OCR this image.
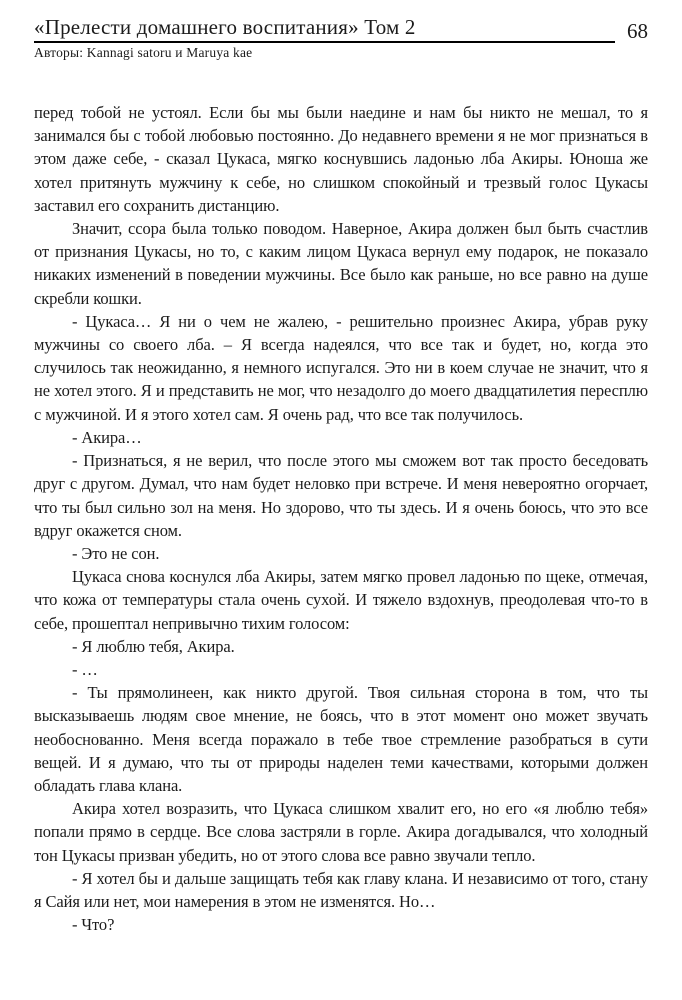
«Прелести домашнего воспитания» Том 2	68
Авторы: Kannagi satoru и Maruya kae

перед тобой не устоял. Если бы мы были наедине и нам бы никто не мешал, то я занимался бы с тобой любовью постоянно. До недавнего времени я не мог признаться в этом даже себе, - сказал Цукаса, мягко коснувшись ладонью лба Акиры. Юноша же хотел притянуть мужчину к себе, но слишком спокойный и трезвый голос Цукасы заставил его сохранить дистанцию.

Значит, ссора была только поводом. Наверное, Акира должен был быть счастлив от признания Цукасы, но то, с каким лицом Цукаса вернул ему подарок, не показало никаких изменений в поведении мужчины. Все было как раньше, но все равно на душе скребли кошки.

- Цукаса… Я ни о чем не жалею, - решительно произнес Акира, убрав руку мужчины со своего лба. – Я всегда надеялся, что все так и будет, но, когда это случилось так неожиданно, я немного испугался. Это ни в коем случае не значит, что я не хотел этого. Я и представить не мог, что незадолго до моего двадцатилетия пересплю с мужчиной. И я этого хотел сам. Я очень рад, что все так получилось.

- Акира…

- Признаться, я не верил, что после этого мы сможем вот так просто беседовать друг с другом. Думал, что нам будет неловко при встрече. И меня невероятно огорчает, что ты был сильно зол на меня. Но здорово, что ты здесь. И я очень боюсь, что это все вдруг окажется сном.

- Это не сон.

Цукаса снова коснулся лба Акиры, затем мягко провел ладонью по щеке, отмечая, что кожа от температуры стала очень сухой. И тяжело вздохнув, преодолевая что-то в себе, прошептал непривычно тихим голосом:

- Я люблю тебя, Акира.

- …

- Ты прямолинеен, как никто другой. Твоя сильная сторона в том, что ты высказываешь людям свое мнение, не боясь, что в этот момент оно может звучать необоснованно. Меня всегда поражало в тебе твое стремление разобраться в сути вещей. И я думаю, что ты от природы наделен теми качествами, которыми должен обладать глава клана.

Акира хотел возразить, что Цукаса слишком хвалит его, но его «я люблю тебя» попали прямо в сердце. Все слова застряли в горле. Акира догадывался, что холодный тон Цукасы призван убедить, но от этого слова все равно звучали тепло.

- Я хотел бы и дальше защищать тебя как главу клана. И независимо от того, стану я Сайя или нет, мои намерения в этом не изменятся. Но…

- Что?
